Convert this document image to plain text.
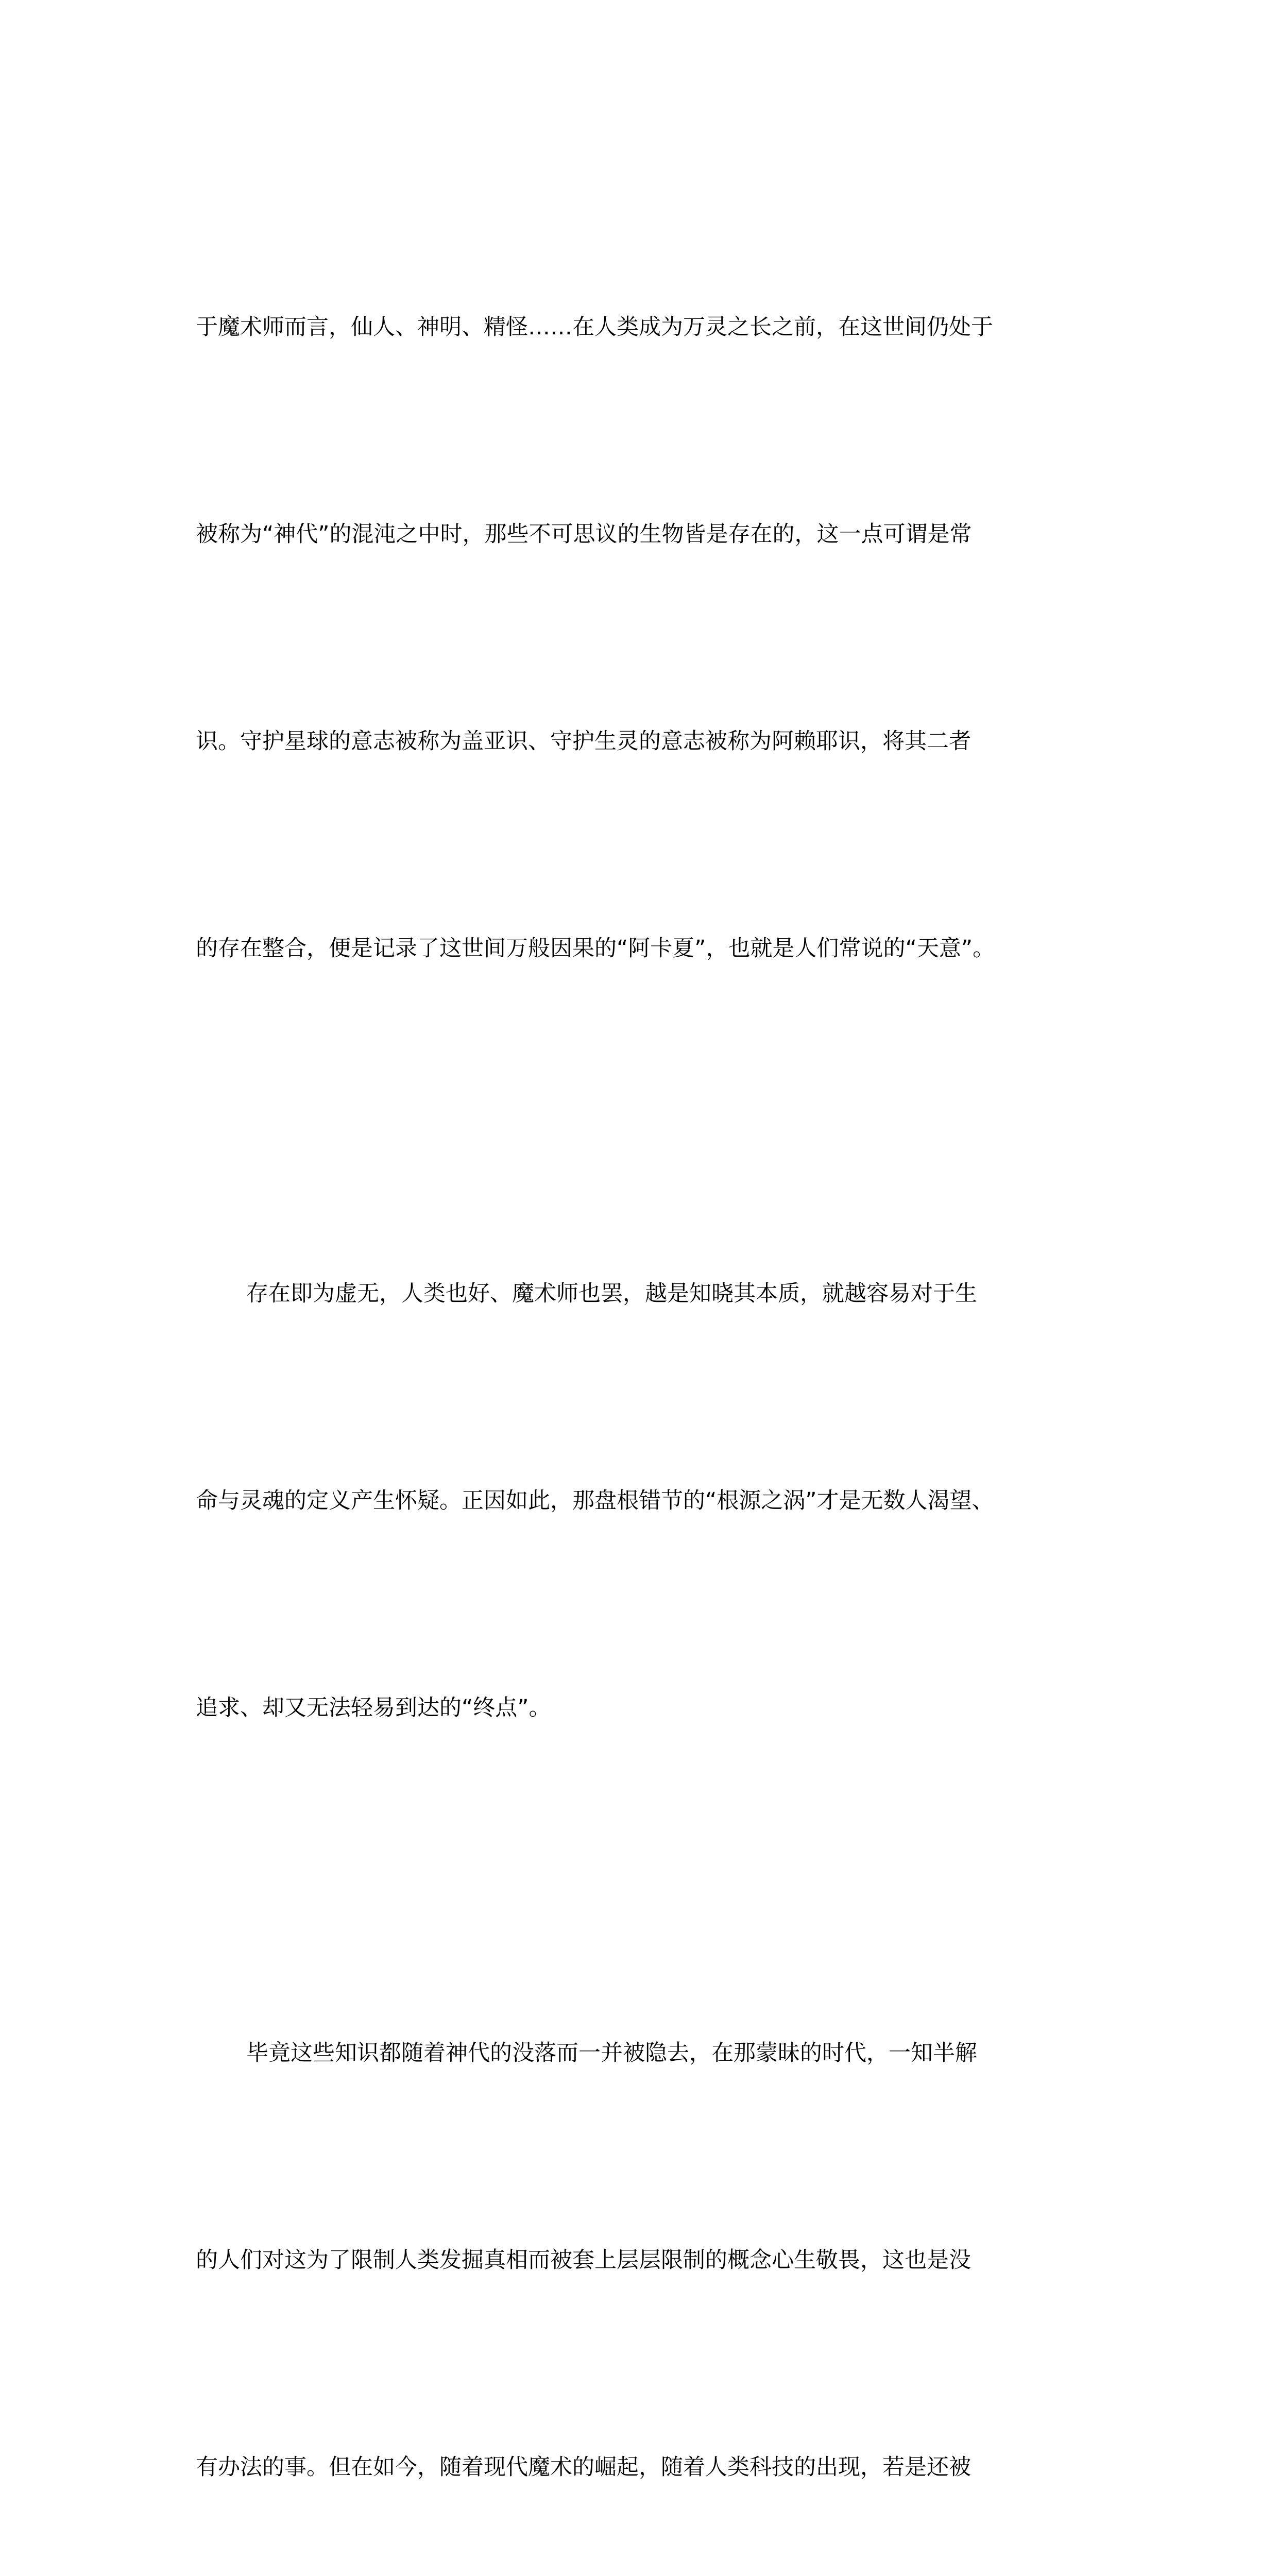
于魔术师而言，仙人、神明、精怪……在人类成为万灵之长之前，在这世间仍处于

被称为“神代”的混沌之中时，那些不可思议的生物皆是存在的，这一点可谓是常

识。守护星球的意志被称为盖亚识、守护生灵的意志被称为阿赖耶识，将其二者

的存在整合，便是记录了这世间万般因果的“阿卡夏”，也就是人们常说的“天意”。

存在即为虚无，人类也好、魔术师也罢，越是知晓其本质，就越容易对于生

命与灵魂的定义产生怀疑。正因如此，那盘根错节的“根源之涡”才是无数人渴望、

追求、却又无法轻易到达的“终点”。

毕竟这些知识都随着神代的没落而一并被隐去，在那蒙昧的时代，一知半解

的人们对这为了限制人类发掘真相而被套上层层限制的概念心生敬畏，这也是没

有办法的事。但在如今，随着现代魔术的崛起，随着人类科技的出现，若是还被
